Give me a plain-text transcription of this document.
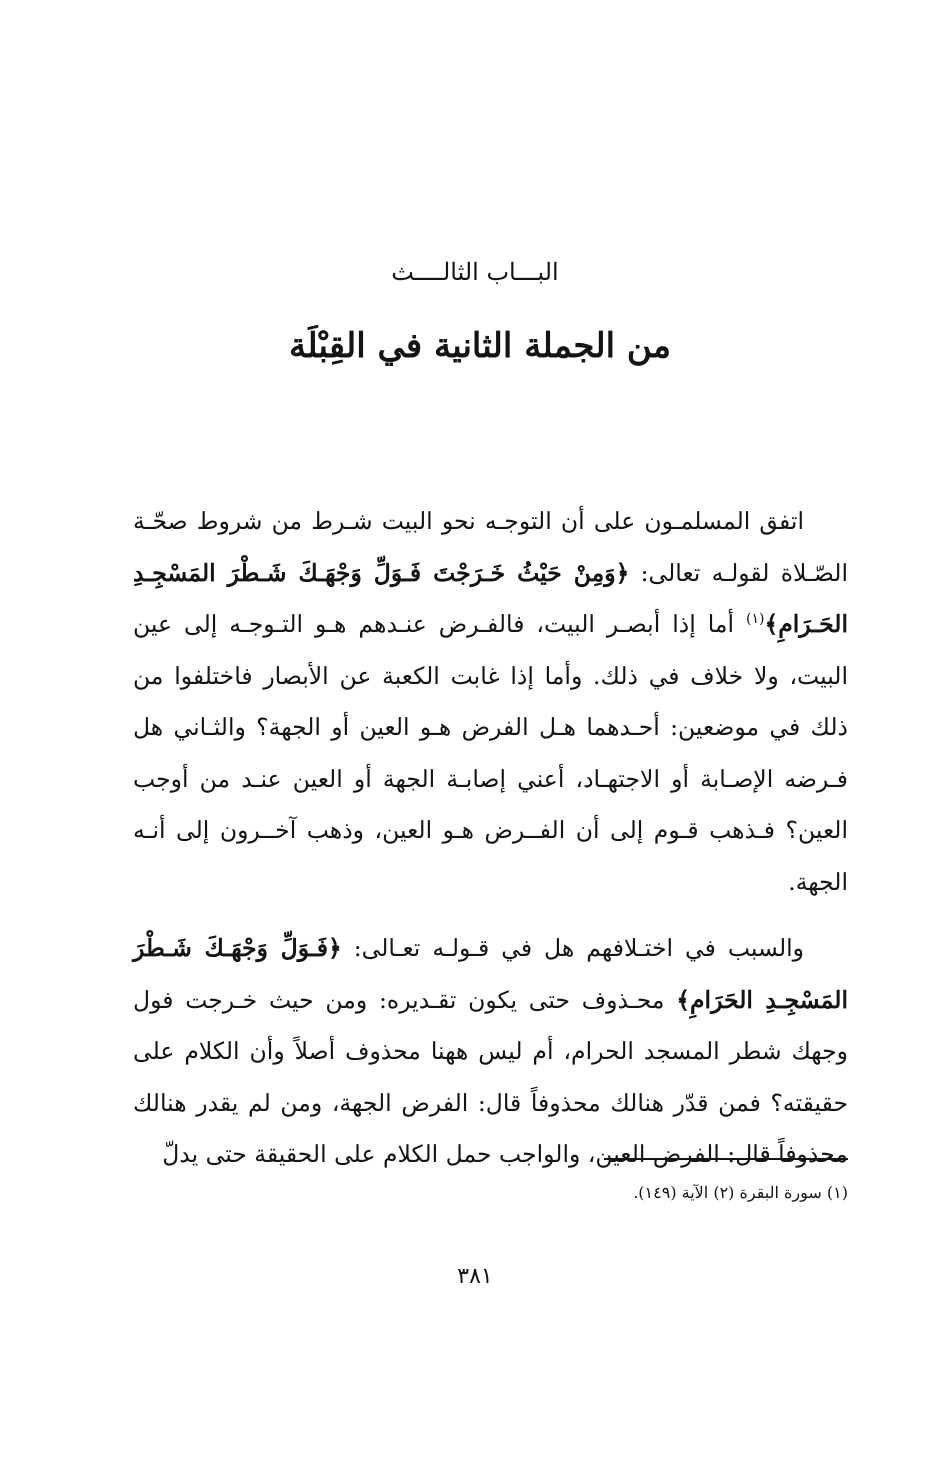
البـــاب الثالــــث
من الجملة الثانية في القِبْلَة

اتفق المسلمـون على أن التوجـه نحو البيت شـرط من شروط صحّـة الصّـلاة لقولـه تعالى: ﴿وَمِنْ حَيْثُ خَـرَجْتَ فَـوَلِّ وَجْهَـكَ شَـطْرَ المَسْجِـدِ الحَـرَامِ﴾$^{(١)}$ أما إذا أبصـر البيت، فالفـرض عنـدهم هـو التـوجـه إلى عين البيت، ولا خلاف في ذلك. وأما إذا غابت الكعبة عن الأبصار فاختلفوا من ذلك في موضعين: أحـدهما هـل الفرض هـو العين أو الجهة؟ والثـاني هل فـرضه الإصـابة أو الاجتهـاد، أعني إصابـة الجهة أو العين عنـد من أوجب العين؟ فـذهب قـوم إلى أن الفــرض هـو العين، وذهب آخــرون إلى أنـه الجهة.

والسبب في اختـلافهم هل في قـولـه تعـالى: ﴿فَـوَلِّ وَجْهَـكَ شَـطْرَ المَسْجِـدِ الحَرَامِ﴾ محـذوف حتى يكون تقـديره: ومن حيث خـرجت فول وجهك شطر المسجد الحرام، أم ليس ههنا محذوف أصلاً وأن الكلام على حقيقته؟ فمن قدّر هنالك محذوفاً قال: الفرض الجهة، ومن لم يقدر هنالك محذوفاً قال: الفرض العين، والواجب حمل الكلام على الحقيقة حتى يدلّ

(١) سورة البقرة (٢) الآية (١٤٩).
٣٨١
